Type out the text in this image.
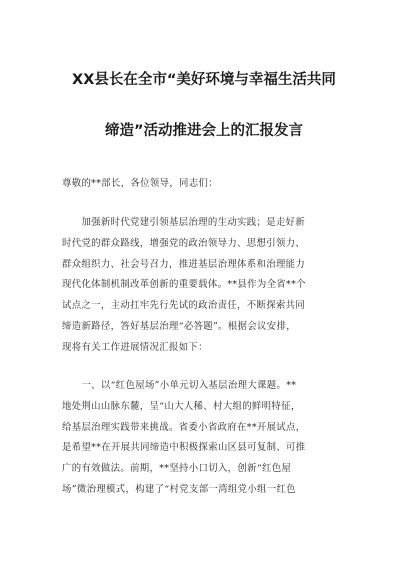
XX县长在全市“美好环境与幸福生活共同
缔造”活动推进会上的汇报发言
尊敬的**部长，各位领导，同志们：
　　加强新时代党建引领基层治理的生动实践；是走好新
时代党的群众路线，增强党的政治领导力、思想引领力、
群众组织力、社会号召力，推进基层治理体系和治理能力
现代化体制机制改革创新的重要载体。**县作为全省**个
试点之一，主动扛牢先行先试的政治责任，不断探索共同
缔造新路径，答好基层治理“必答题”。根据会议安排，
现将有关工作进展情况汇报如下：
　　一、以“红色屋场”小单元切入基层治理大课题。**
地处荆山山脉东麓，呈“山大人稀、村大组的鲜明特征，
给基层治理实践带来挑战。省委小省政府在**开展试点，
是希望**在开展共同缔造中积极探索山区县可复制、可推
广的有效做法。前期，**坚持小口切入，创新“红色屋
场”微治理模式，构建了“村党支部一湾组党小组一红色
